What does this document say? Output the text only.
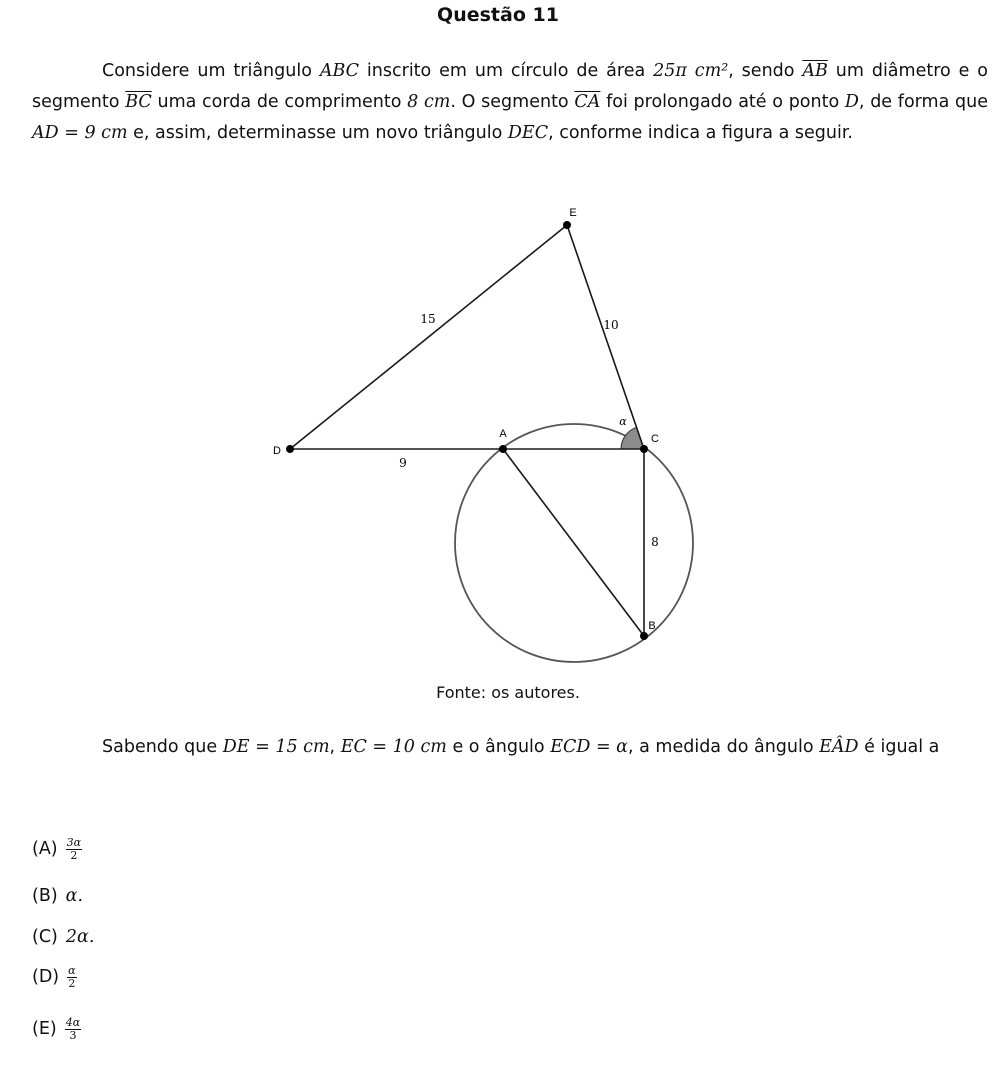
Questão 11
Considere um triângulo ABC inscrito em um círculo de área 25π cm², sendo $\overline{AB}$ um diâmetro e o segmento $\overline{BC}$ uma corda de comprimento 8 cm. O segmento $\overline{CA}$ foi prolongado até o ponto D, de forma que AD = 9 cm e, assim, determinasse um novo triângulo DEC, conforme indica a figura a seguir.
E
D
A	C
B
15	10
9
8
α
Fonte: os autores.
Sabendo que DE = 15 cm, EC = 10 cm e o ângulo ECD = α, a medida do ângulo EÂD é igual a
$(A) \frac{3\alpha}{2}$
(B) α.
(C) 2α.
$(D) \frac{\alpha}{2}$
$(E) \frac{4\alpha}{3}$
